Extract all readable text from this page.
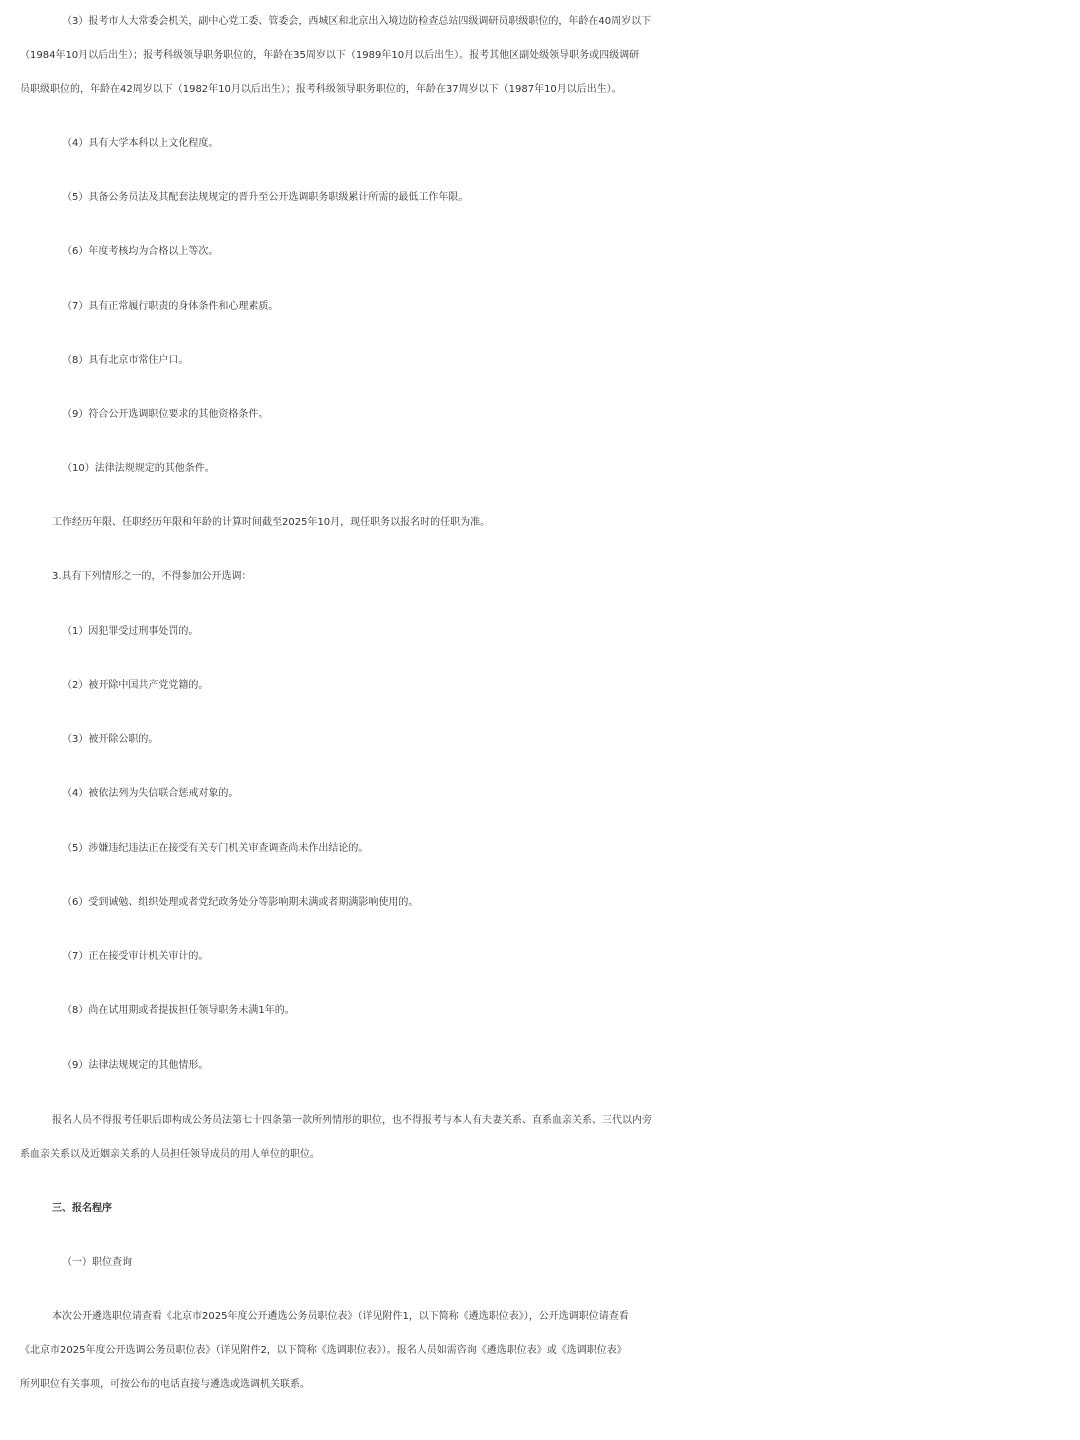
（3）报考市人大常委会机关，副中心党工委、管委会，西城区和北京出入境边防检查总站四级调研员职级职位的，年龄在40周岁以下
（1984年10月以后出生）；报考科级领导职务职位的，年龄在35周岁以下（1989年10月以后出生）。报考其他区副处级领导职务或四级调研
员职级职位的，年龄在42周岁以下（1982年10月以后出生）；报考科级领导职务职位的，年龄在37周岁以下（1987年10月以后出生）。
（4）具有大学本科以上文化程度。
（5）具备公务员法及其配套法规规定的晋升至公开选调职务职级累计所需的最低工作年限。
（6）年度考核均为合格以上等次。
（7）具有正常履行职责的身体条件和心理素质。
（8）具有北京市常住户口。
（9）符合公开选调职位要求的其他资格条件。
（10）法律法规规定的其他条件。
工作经历年限、任职经历年限和年龄的计算时间截至2025年10月，现任职务以报名时的任职为准。
3.具有下列情形之一的，不得参加公开选调：
（1）因犯罪受过刑事处罚的。
（2）被开除中国共产党党籍的。
（3）被开除公职的。
（4）被依法列为失信联合惩戒对象的。
（5）涉嫌违纪违法正在接受有关专门机关审查调查尚未作出结论的。
（6）受到诫勉、组织处理或者党纪政务处分等影响期未满或者期满影响使用的。
（7）正在接受审计机关审计的。
（8）尚在试用期或者提拔担任领导职务未满1年的。
（9）法律法规规定的其他情形。
报名人员不得报考任职后即构成公务员法第七十四条第一款所列情形的职位，也不得报考与本人有夫妻关系、直系血亲关系、三代以内旁
系血亲关系以及近姻亲关系的人员担任领导成员的用人单位的职位。
三、报名程序
（一）职位查询
本次公开遴选职位请查看《北京市2025年度公开遴选公务员职位表》（详见附件1，以下简称《遴选职位表》），公开选调职位请查看
《北京市2025年度公开选调公务员职位表》（详见附件2，以下简称《选调职位表》）。报名人员如需咨询《遴选职位表》或《选调职位表》
所列职位有关事项，可按公布的电话直接与遴选或选调机关联系。
